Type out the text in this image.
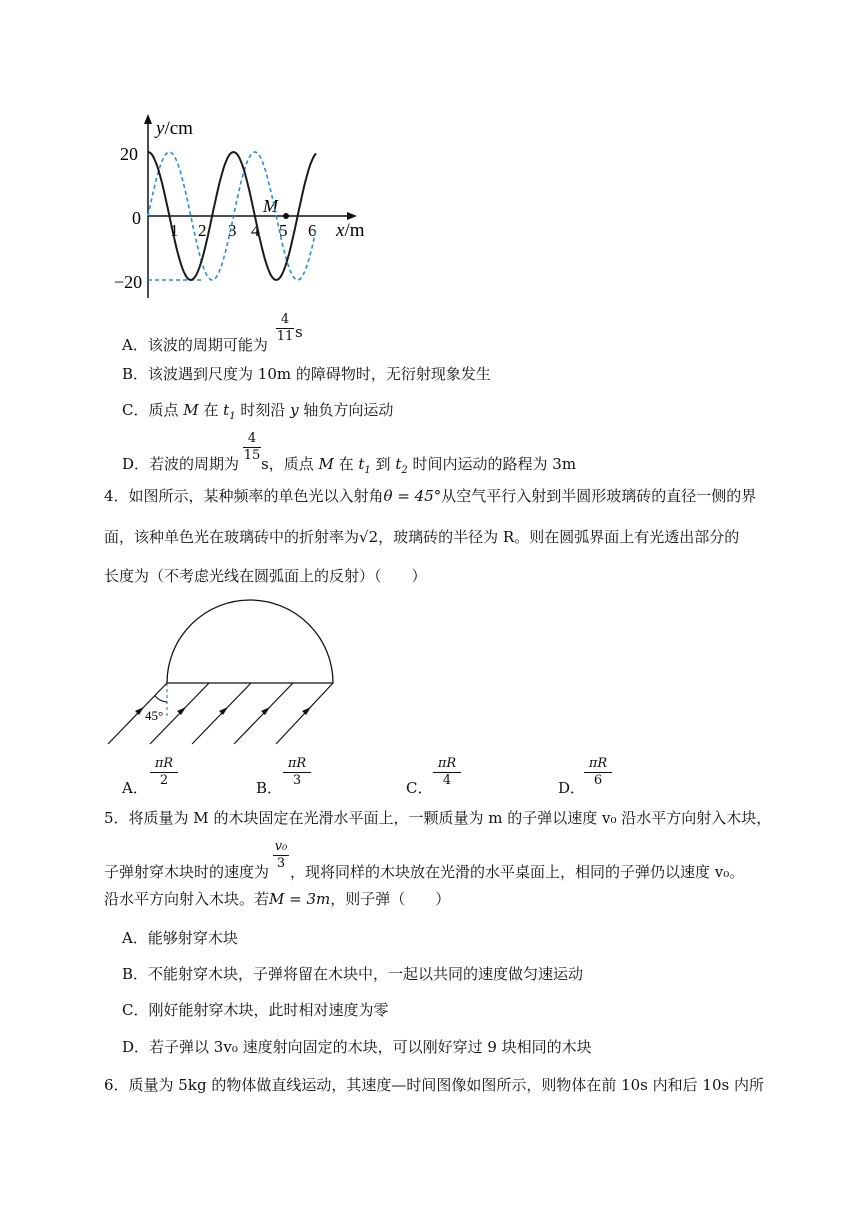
y/cm
x/m
20
0
−20
1 2 3 4 5 6
M
A．该波的周期可能为
4
11 s
B．该波遇到尺度为 10m 的障碍物时，无衍射现象发生
C．质点 M 在 $t_1$ 时刻沿 y 轴负方向运动
D．若波的周期为
4
15 s，质点 M 在 $t_1$ 到 $t_2$ 时间内运动的路程为 3m
4．如图所示，某种频率的单色光以入射角θ = 45°从空气平行入射到半圆形玻璃砖的直径一侧的界
面，该种单色光在玻璃砖中的折射率为√2，玻璃砖的半径为 R。则在圆弧界面上有光透出部分的
长度为（不考虑光线在圆弧面上的反射）（　　）
45°
A．
πR
2	B．
πR
3	C．
πR
4	D．
πR
6
5．将质量为 M 的木块固定在光滑水平面上，一颗质量为 m 的子弹以速度 v₀ 沿水平方向射入木块，
子弹射穿木块时的速度为
v₀
3 ，现将同样的木块放在光滑的水平桌面上，相同的子弹仍以速度 v₀。
沿水平方向射入木块。若M = 3m，则子弹（　　）
A．能够射穿木块
B．不能射穿木块，子弹将留在木块中，一起以共同的速度做匀速运动
C．刚好能射穿木块，此时相对速度为零
D．若子弹以 3v₀ 速度射向固定的木块，可以刚好穿过 9 块相同的木块
6．质量为 5kg 的物体做直线运动，其速度—时间图像如图所示，则物体在前 10s 内和后 10s 内所
